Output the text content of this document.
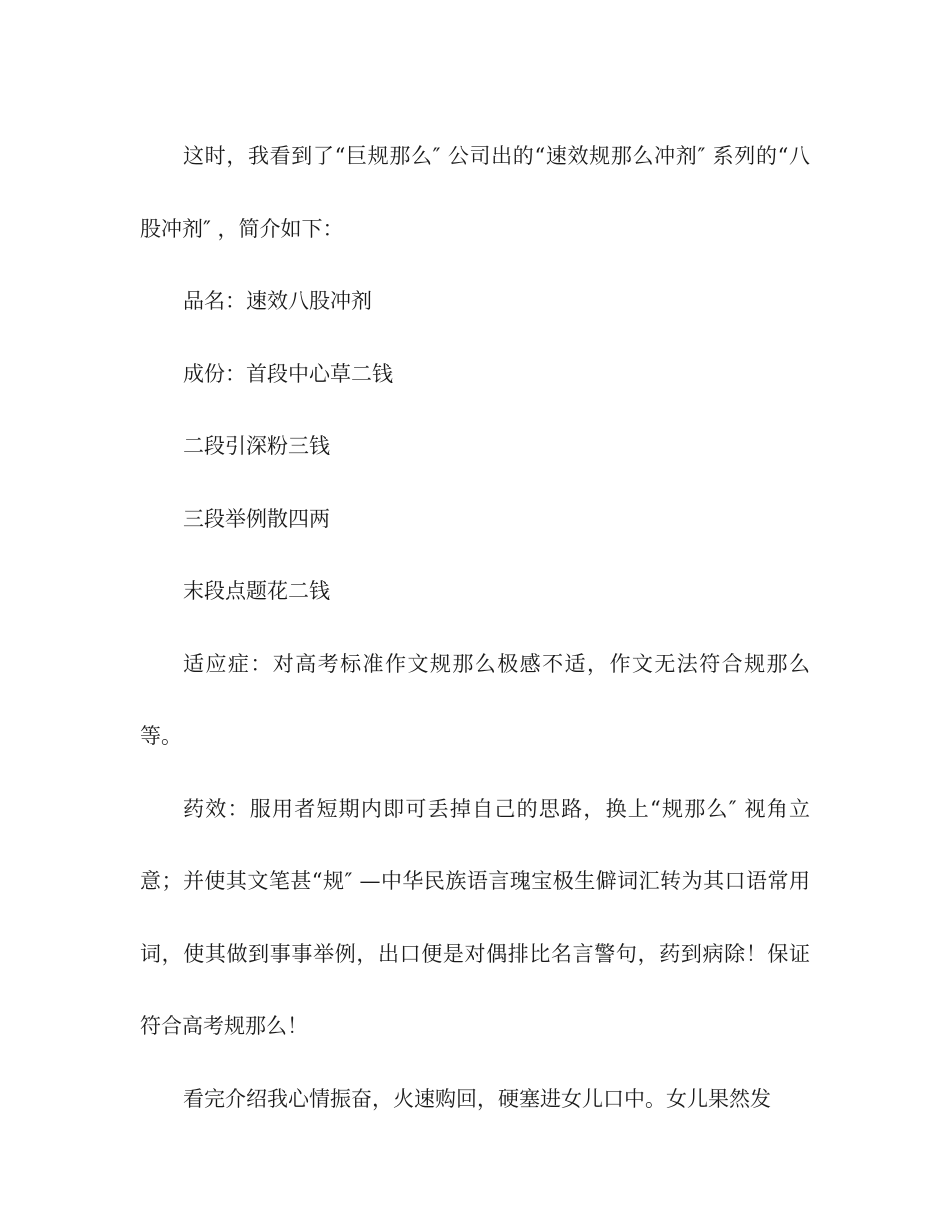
这时，我看到了“巨规那么″ 公司出的“速效规那么冲剂″ 系列的“八股冲剂″ ，简介如下：

品名：速效八股冲剂

成份：首段中心草二钱

二段引深粉三钱

三段举例散四两

末段点题花二钱

适应症：对高考标准作文规那么极感不适，作文无法符合规那么等。

药效：服用者短期内即可丢掉自己的思路，换上“规那么″ 视角立意；并使其文笔甚“规″ —中华民族语言瑰宝极生僻词汇转为其口语常用词，使其做到事事举例，出口便是对偶排比名言警句，药到病除！保证符合高考规那么！

看完介绍我心情振奋，火速购回，硬塞进女儿口中。女儿果然发
